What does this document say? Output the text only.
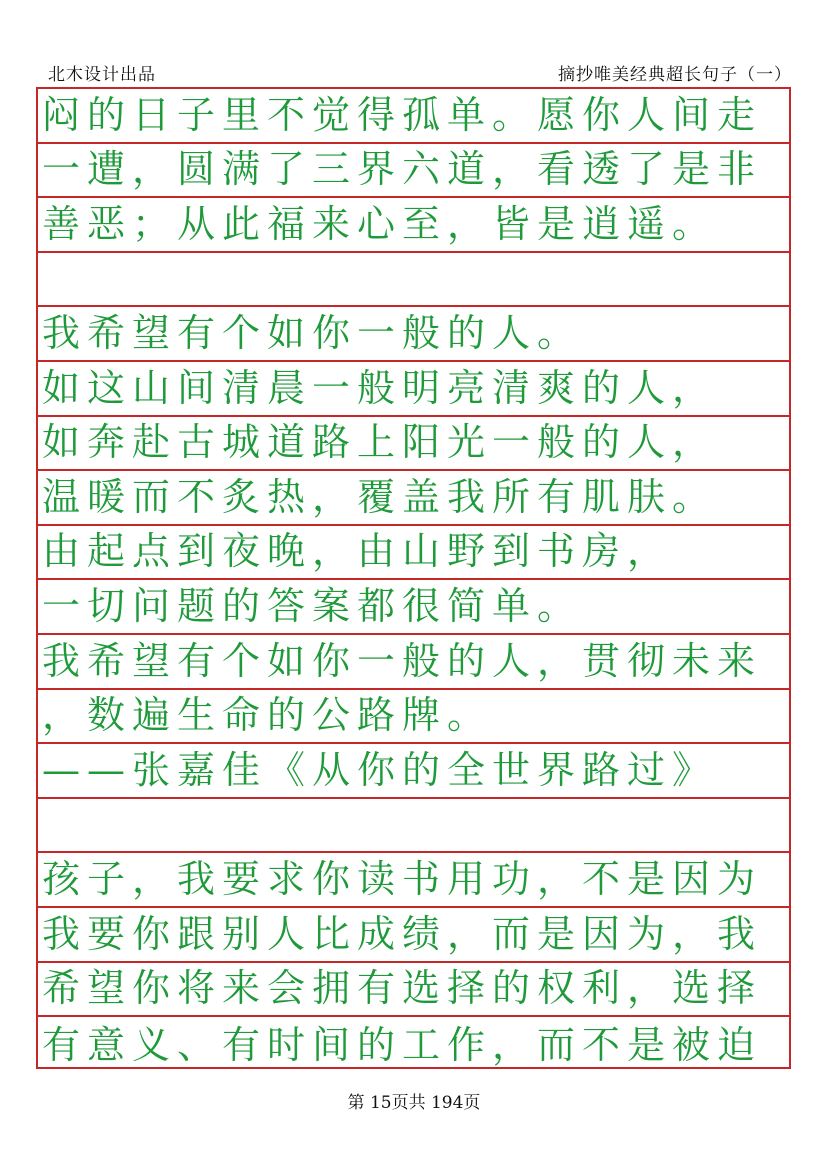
北木设计出品	摘抄唯美经典超长句子（一）
闷的日子里不觉得孤单。愿你人间走
一遭，圆满了三界六道，看透了是非
善恶；从此福来心至，皆是逍遥。
我希望有个如你一般的人。
如这山间清晨一般明亮清爽的人，
如奔赴古城道路上阳光一般的人，
温暖而不炙热，覆盖我所有肌肤。
由起点到夜晚，由山野到书房，
一切问题的答案都很简单。
我希望有个如你一般的人，贯彻未来
，数遍生命的公路牌。
——张嘉佳《从你的全世界路过》
孩子，我要求你读书用功，不是因为
我要你跟别人比成绩，而是因为，我
希望你将来会拥有选择的权利，选择
有意义、有时间的工作，而不是被迫
第 15页共 194页
